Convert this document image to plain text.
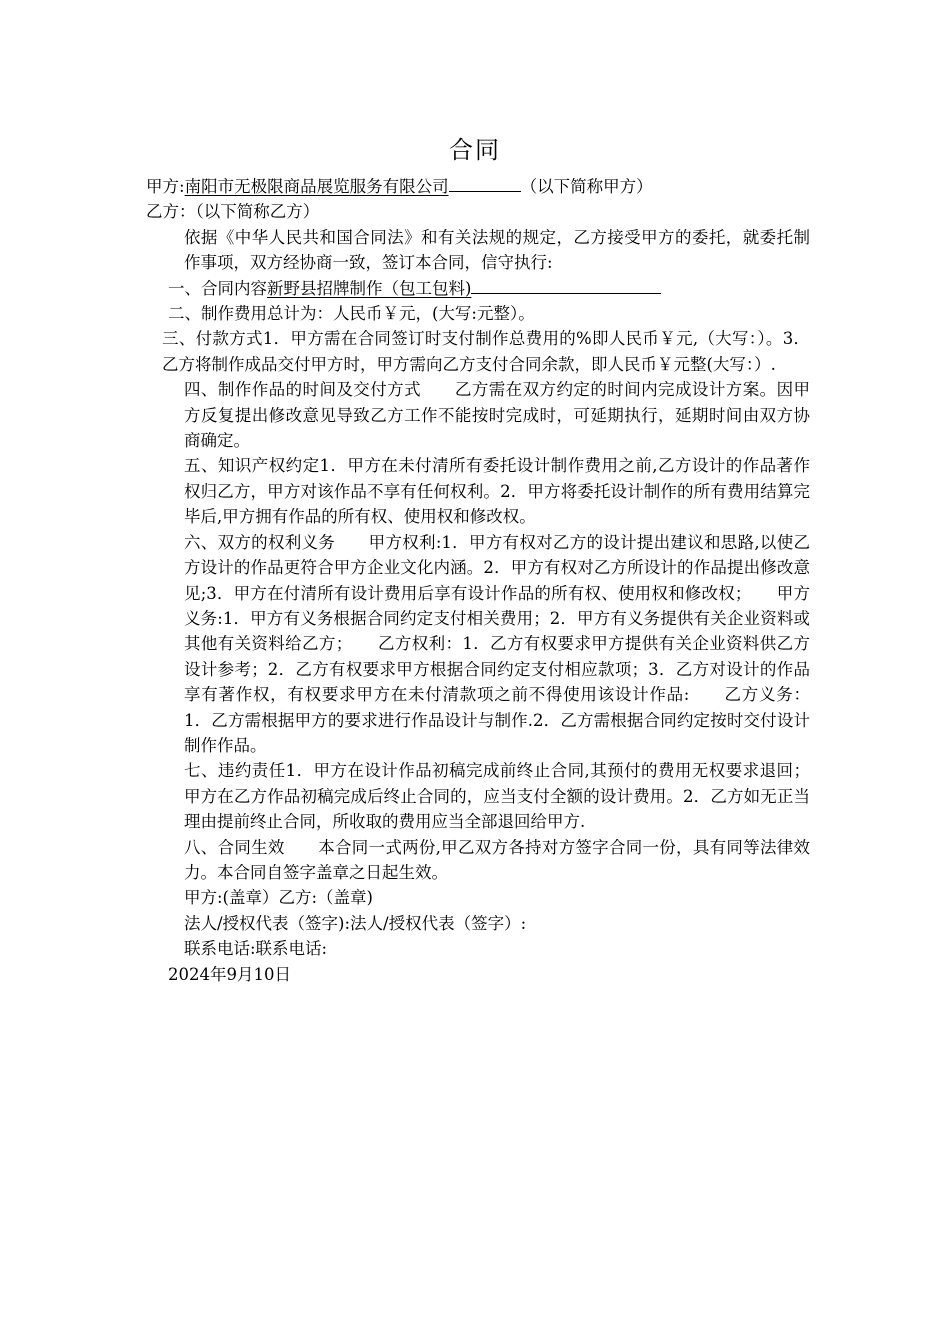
合同
甲方:南阳市无极限商品展览服务有限公司	（以下简称甲方）
乙方：（以下简称乙方）
依据《中华人民共和国合同法》和有关法规的规定，乙方接受甲方的委托，就委托制作事项，双方经协商一致，签订本合同，信守执行:
一、合同内容新野县招牌制作（包工包料)
二、制作费用总计为：人民币￥元，(大写:元整）。
三、付款方式1．甲方需在合同签订时支付制作总费用的%即人民币￥元,（大写：）。3．乙方将制作成品交付甲方时，甲方需向乙方支付合同余款，即人民币￥元整(大写：）.
四、制作作品的时间及交付方式　　乙方需在双方约定的时间内完成设计方案。因甲方反复提出修改意见导致乙方工作不能按时完成时，可延期执行，延期时间由双方协商确定。
五、知识产权约定1．甲方在未付清所有委托设计制作费用之前,乙方设计的作品著作权归乙方，甲方对该作品不享有任何权利。2．甲方将委托设计制作的所有费用结算完毕后,甲方拥有作品的所有权、使用权和修改权。
六、双方的权利义务　　甲方权利:1．甲方有权对乙方的设计提出建议和思路,以使乙方设计的作品更符合甲方企业文化内涵。2．甲方有权对乙方所设计的作品提出修改意见;3．甲方在付清所有设计费用后享有设计作品的所有权、使用权和修改权；　　甲方义务:1．甲方有义务根据合同约定支付相关费用；2．甲方有义务提供有关企业资料或其他有关资料给乙方；　　乙方权利：1．乙方有权要求甲方提供有关企业资料供乙方设计参考；2．乙方有权要求甲方根据合同约定支付相应款项；3．乙方对设计的作品享有著作权，有权要求甲方在未付清款项之前不得使用该设计作品:　　乙方义务：1．乙方需根据甲方的要求进行作品设计与制作.2．乙方需根据合同约定按时交付设计制作作品。
七、违约责任1．甲方在设计作品初稿完成前终止合同,其预付的费用无权要求退回；甲方在乙方作品初稿完成后终止合同的，应当支付全额的设计费用。2．乙方如无正当理由提前终止合同，所收取的费用应当全部退回给甲方.
八、合同生效　　本合同一式两份,甲乙双方各持对方签字合同一份，具有同等法律效力。本合同自签字盖章之日起生效。
甲方:(盖章）乙方:（盖章)
法人/授权代表（签字):法人/授权代表（签字）:
联系电话:联系电话:
2024年9月10日
